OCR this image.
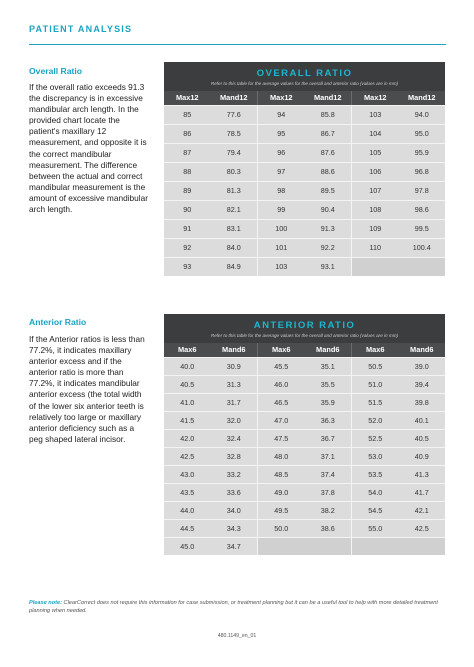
PATIENT ANALYSIS
Overall Ratio
If the overall ratio exceeds 91.3 the discrepancy is in excessive mandibular arch length. In the provided chart locate the patient's maxillary 12 measurement, and opposite it is the correct mandibular measurement. The difference between the actual and correct mandibular measurement is the amount of excessive mandibular arch length.
OVERALL RATIO
Refer to this table for the average values for the overall and anterior ratio (values are in mm)
Max12	Mand12	Max12	Mand12	Max12	Mand12
85	77.6	94	85.8	103	94.0
86	78.5	95	86.7	104	95.0
87	79.4	96	87.6	105	95.9
88	80.3	97	88.6	106	96.8
89	81.3	98	89.5	107	97.8
90	82.1	99	90.4	108	98.6
91	83.1	100	91.3	109	99.5
92	84.0	101	92.2	110	100.4
93	84.9	103	93.1
Anterior Ratio
If the Anterior ratios is less than 77.2%, it indicates maxillary anterior excess and if the anterior ratio is more than 77.2%, it indicates mandibular anterior excess (the total width of the lower six anterior teeth is relatively too large or maxillary anterior deficiency such as a peg shaped lateral incisor.
ANTERIOR RATIO
Refer to this table for the average values for the overall and anterior ratio (values are in mm)
Max6	Mand6	Max6	Mand6	Max6	Mand6
40.0	30.9	45.5	35.1	50.5	39.0
40.5	31.3	46.0	35.5	51.0	39.4
41.0	31.7	46.5	35.9	51.5	39.8
41.5	32.0	47.0	36.3	52.0	40.1
42.0	32.4	47.5	36.7	52.5	40.5
42.5	32.8	48.0	37.1	53.0	40.9
43.0	33.2	48.5	37.4	53.5	41.3
43.5	33.6	49.0	37.8	54.0	41.7
44.0	34.0	49.5	38.2	54.5	42.1
44.5	34.3	50.0	38.6	55.0	42.5
45.0	34.7
Please note: ClearCorrect does not require this information for case submission, or treatment planning but it can be a useful tool to help with more detailed treatment planning when needed.
480.1149_en_01
